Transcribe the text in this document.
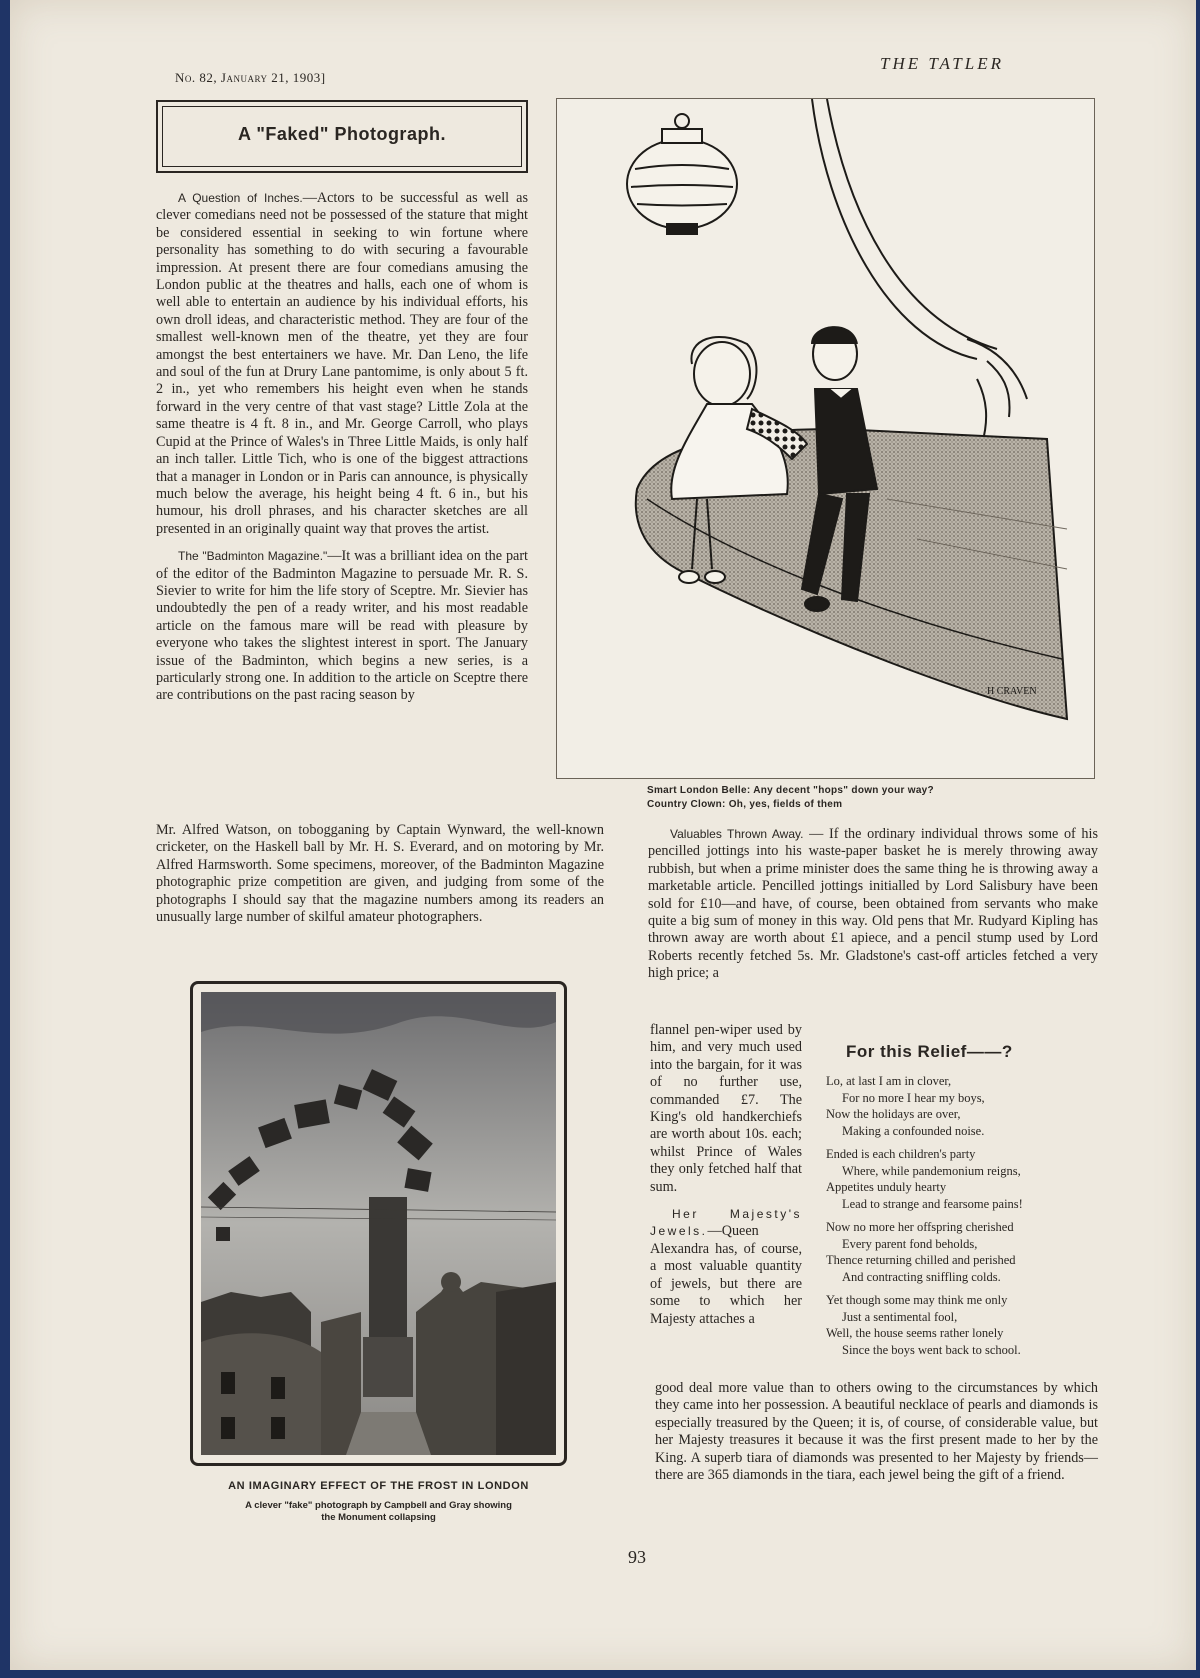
No. 82, January 21, 1903]
THE TATLER
A "Faked" Photograph.

A Question of Inches.—Actors to be successful as well as clever comedians need not be possessed of the stature that might be considered essential in seeking to win fortune where personality has something to do with securing a favourable impression. At present there are four comedians amusing the London public at the theatres and halls, each one of whom is well able to entertain an audience by his individual efforts, his own droll ideas, and characteristic method. They are four of the smallest well-known men of the theatre, yet they are four amongst the best entertainers we have. Mr. Dan Leno, the life and soul of the fun at Drury Lane pantomime, is only about 5 ft. 2 in., yet who remembers his height even when he stands forward in the very centre of that vast stage? Little Zola at the same theatre is 4 ft. 8 in., and Mr. George Carroll, who plays Cupid at the Prince of Wales's in Three Little Maids, is only half an inch taller. Little Tich, who is one of the biggest attractions that a manager in London or in Paris can announce, is physically much below the average, his height being 4 ft. 6 in., but his humour, his droll phrases, and his character sketches are all presented in an originally quaint way that proves the artist.

The "Badminton Magazine."—It was a brilliant idea on the part of the editor of the Badminton Magazine to persuade Mr. R. S. Sievier to write for him the life story of Sceptre. Mr. Sievier has undoubtedly the pen of a ready writer, and his most readable article on the famous mare will be read with pleasure by everyone who takes the slightest interest in sport. The January issue of the Badminton, which begins a new series, is a particularly strong one. In addition to the article on Sceptre there are contributions on the past racing season by

Mr. Alfred Watson, on tobogganing by Captain Wynward, the well-known cricketer, on the Haskell ball by Mr. H. S. Everard, and on motoring by Mr. Alfred Harmsworth. Some specimens, moreover, of the Badminton Magazine photographic prize competition are given, and judging from some of the photographs I should say that the magazine numbers among its readers an unusually large number of skilful amateur photographers.
H CRAVEN
Smart London Belle: Any decent "hops" down your way?
Country Clown: Oh, yes, fields of them

Valuables Thrown Away. — If the ordinary individual throws some of his pencilled jottings into his waste-paper basket he is merely throwing away rubbish, but when a prime minister does the same thing he is throwing away a marketable article. Pencilled jottings initialled by Lord Salisbury have been sold for £10—and have, of course, been obtained from servants who make quite a big sum of money in this way. Old pens that Mr. Rudyard Kipling has thrown away are worth about £1 apiece, and a pencil stump used by Lord Roberts recently fetched 5s. Mr. Gladstone's cast-off articles fetched a very high price; a

flannel pen-wiper used by him, and very much used into the bargain, for it was of no further use, commanded £7. The King's old handkerchiefs are worth about 10s. each; whilst Prince of Wales they only fetched half that sum.

Her Majesty's Jewels.—Queen Alexandra has, of course, a most valuable quantity of jewels, but there are some to which her Majesty attaches a

good deal more value than to others owing to the circumstances by which they came into her possession. A beautiful necklace of pearls and diamonds is especially treasured by the Queen; it is, of course, of considerable value, but her Majesty treasures it because it was the first present made to her by the King. A superb tiara of diamonds was presented to her Majesty by friends—there are 365 diamonds in the tiara, each jewel being the gift of a friend.
For this Relief——?
Lo, at last I am in clover,
For no more I hear my boys,
Now the holidays are over,
Making a confounded noise.
Ended is each children's party
Where, while pandemonium reigns,
Appetites unduly hearty
Lead to strange and fearsome pains!
Now no more her offspring cherished
Every parent fond beholds,
Thence returning chilled and perished
And contracting sniffling colds.
Yet though some may think me only
Just a sentimental fool,
Well, the house seems rather lonely
Since the boys went back to school.
AN IMAGINARY EFFECT OF THE FROST IN LONDON
A clever "fake" photograph by Campbell and Gray showing
the Monument collapsing
93
